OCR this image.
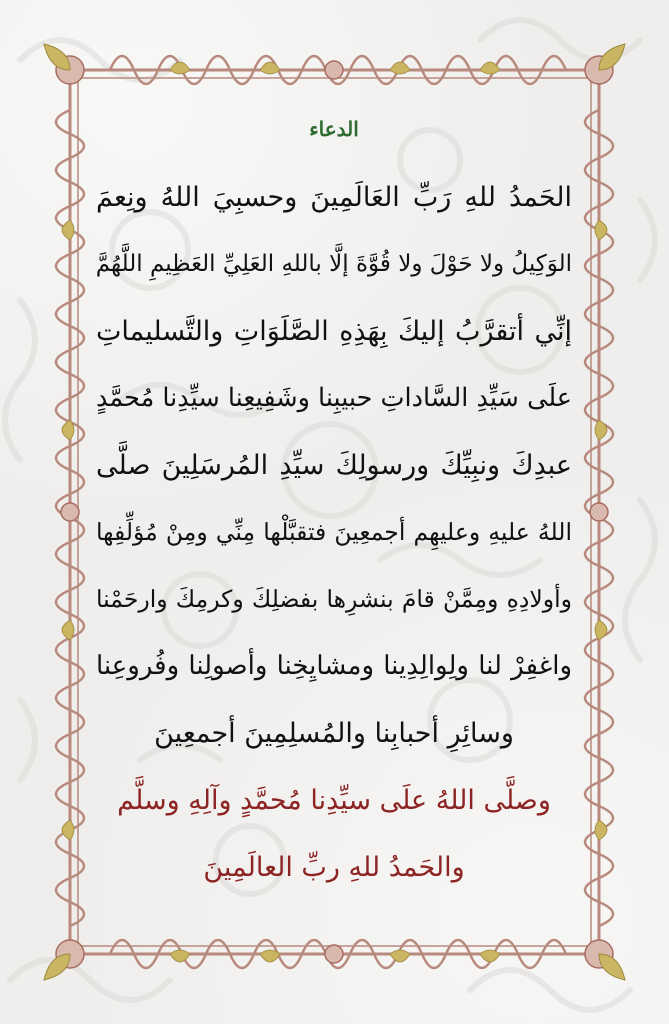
الدعاء
الحَمدُ للهِ رَبِّ العَالَمِينَ وحسبِيَ اللهُ ونِعمَ
الوَكِيلُ ولا حَوْلَ ولا قُوَّةَ إلَّا باللهِ العَلِيِّ العَظِيمِ اللَّهُمَّ
إنِّي أتقرَّبُ إليكَ بِهَذِهِ الصَّلَوَاتِ والتَّسليماتِ
علَى سَيِّدِ السَّاداتِ حبيبِنا وشَفِيعِنا سيِّدِنا مُحمَّدٍ
عبدِكَ ونبِيِّكَ ورسولِكَ سيِّدِ المُرسَلِينَ صلَّى
اللهُ عليهِ وعليهِم أجمعِينَ فتقبَّلْها مِنِّي ومِنْ مُؤلِّفِها
وأولادِهِ ومِمَّنْ قامَ بنشرِها بفضلِكَ وكرمِكَ وارحَمْنا
واغفِرْ لنا ولِوالِدِينا ومشايِخِنا وأصولِنا وفُروعِنا
وسائِرِ أحبابِنا والمُسلِمِينَ أجمعِينَ
وصلَّى اللهُ علَى سيِّدِنا مُحمَّدٍ وآلِهِ وسلَّم
والحَمدُ للهِ ربِّ العالَمِينَ
